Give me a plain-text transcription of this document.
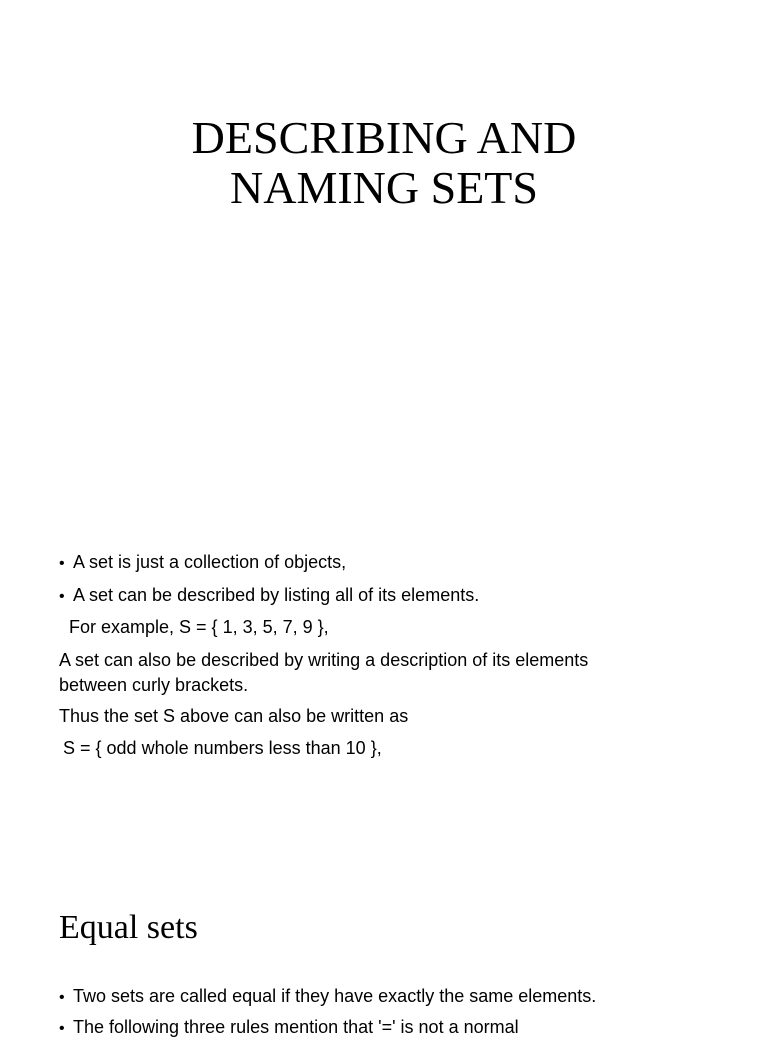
DESCRIBING AND
NAMING SETS

• A set is just a collection of objects,

• A set can be described by listing all of its elements.

For example, S = { 1, 3, 5, 7, 9 },

A set can also be described by writing a description of its elements

between curly brackets.

Thus the set S above can also be written as

S = { odd whole numbers less than 10 },

Equal sets

• Two sets are called equal if they have exactly the same elements.

• The following three rules mention that '=' is not a normal
